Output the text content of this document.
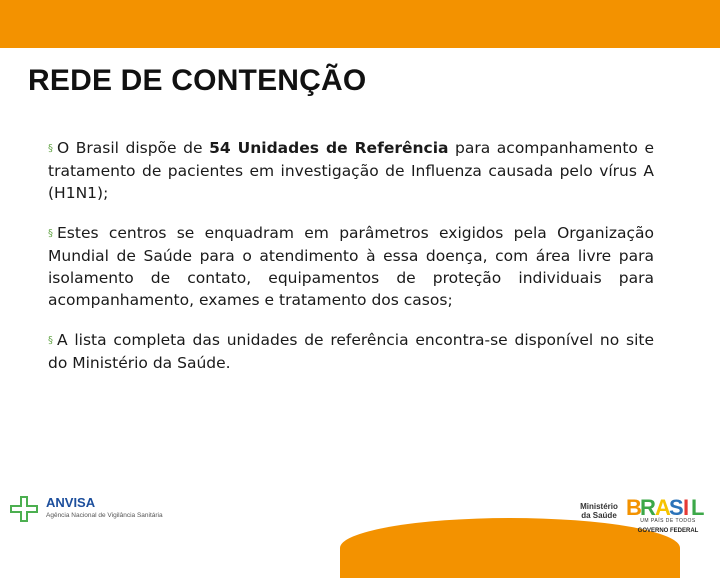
REDE DE CONTENÇÃO

§ O Brasil dispõe de 54 Unidades de Referência para acompanhamento e tratamento de pacientes em investigação de Influenza causada pelo vírus A (H1N1);

§ Estes centros se enquadram em parâmetros exigidos pela Organização Mundial de Saúde para o atendimento à essa doença, com área livre para isolamento de contato, equipamentos de proteção individuais para acompanhamento, exames e tratamento dos casos;

§ A lista completa das unidades de referência encontra-se disponível no site do Ministério da Saúde.

ANVISA
Agência Nacional de Vigilância Sanitária
Ministério da Saúde B
R A
S I L
UM PAÍS DE TODOS
GOVERNO FEDERAL
